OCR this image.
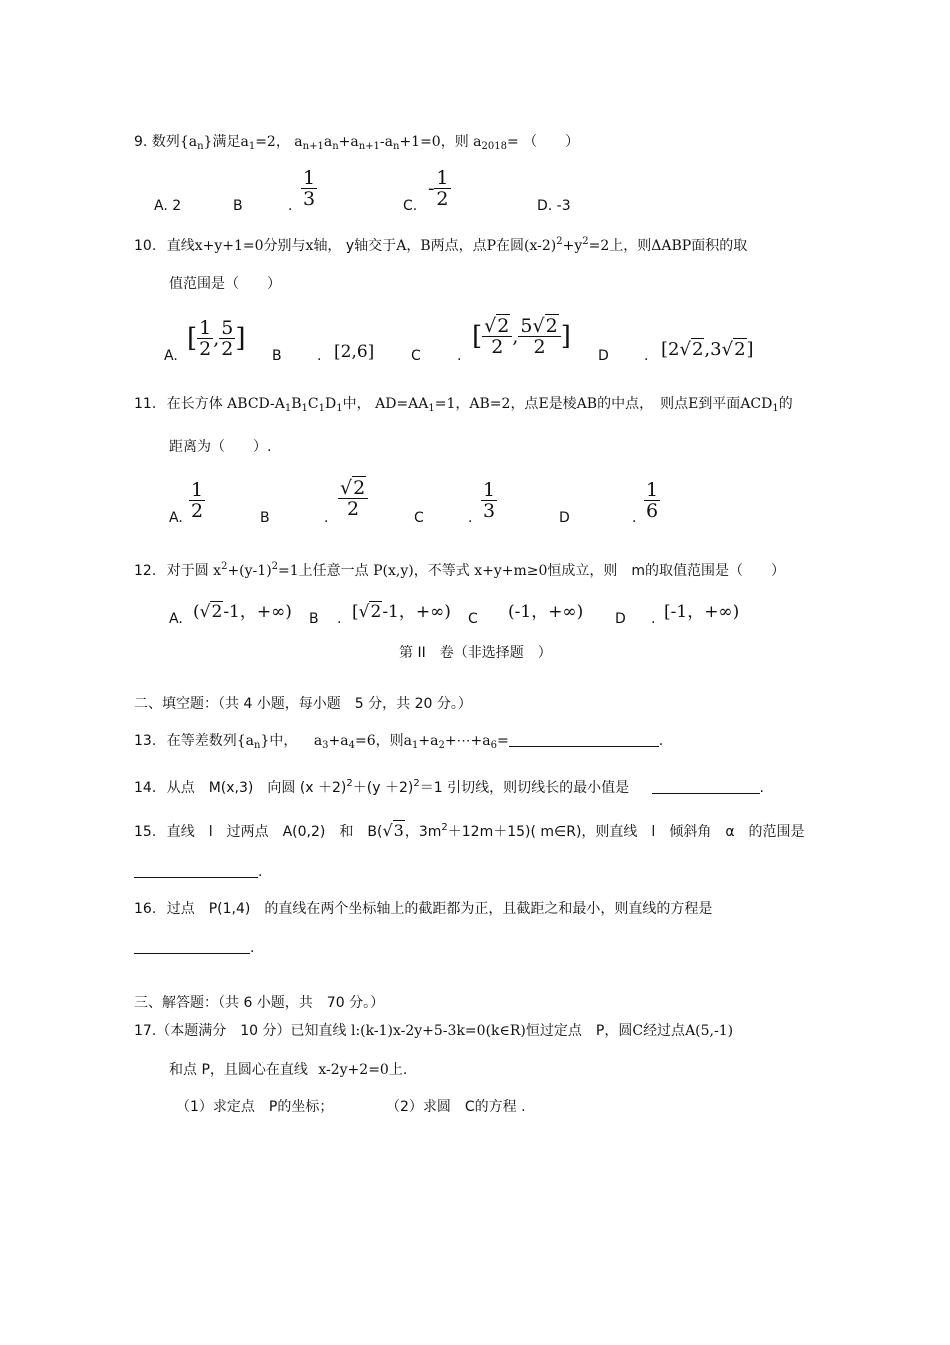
9. 数列$\{a_n\}$满足$a_1=2$， $a_{n+1}a_n+a_{n+1}-a_n+1=0$，则 $a_{2018}=$ （　　）
A. 2	B	. $\frac{1}{3}$	C.
- $\frac{1}{2}$	D. -3
10. 直线x+y+1=0分别与x轴， y轴交于A，B两点，点P在圆$(x-2)^2+y^2=2$上，则ΔABP面积的取
值范围是（　　）
A.
[ $\frac{1}{2}$ , $\frac{5}{2}$ ]
B	. [2,6]	C	.
[ $\frac{√2}{2}$ , $\frac{5√2}{2}$ ]
D	. [2√2,3√2]
11. 在长方体 ABCD-$A_1B_1C_1D_1$中， $AD=AA_1=1$，AB=2，点E是棱AB的中点，　则点E到平面$ACD_1$的
距离为（　　）.
A. $\frac{1}{2}$	B	. $\frac{√2}{2}$	C	. $\frac{1}{3}$	D	. $\frac{1}{6}$
12. 对于圆 $x^2+(y-1)^2=1$上任意一点 P(x,y)，不等式 x+y+m≥0恒成立，则　m的取值范围是（　　）
A. (√2-1，+∞) B . [√2-1，+∞) C (-1，+∞) D . [-1，+∞)
第 II　卷（非选择题　）
二、填空题：（共 4 小题，每小题　5 分，共 20 分。）
13. 在等差数列$\{a_n\}$中， $a_3+a_4=6$，则$a_1+a_2+\cdots+a_6=$	.
14. 从点　M(x,3)　向圆 $(x +2)^2+(y +2)^2=1$ 引切线，则切线长的最小值是	.
15. 直线　l　过两点　A(0,2)　和　B(√3，$3m^2+12m+15$)( m∈R)，则直线　l　倾斜角　α　的范围是
.
16. 过点　P(1,4)　的直线在两个坐标轴上的截距都为正，且截距之和最小，则直线的方程是
.
三、解答题：（共 6 小题，共　70 分。）
17.（本题满分　10 分）已知直线 l:(k-1)x-2y+5-3k=0(k∈R)恒过定点　P，圆C经过点A(5,-1)
和点 P，且圆心在直线 x-2y+2=0上.
（1）求定点　P的坐标；	（2）求圆　C的方程 .
